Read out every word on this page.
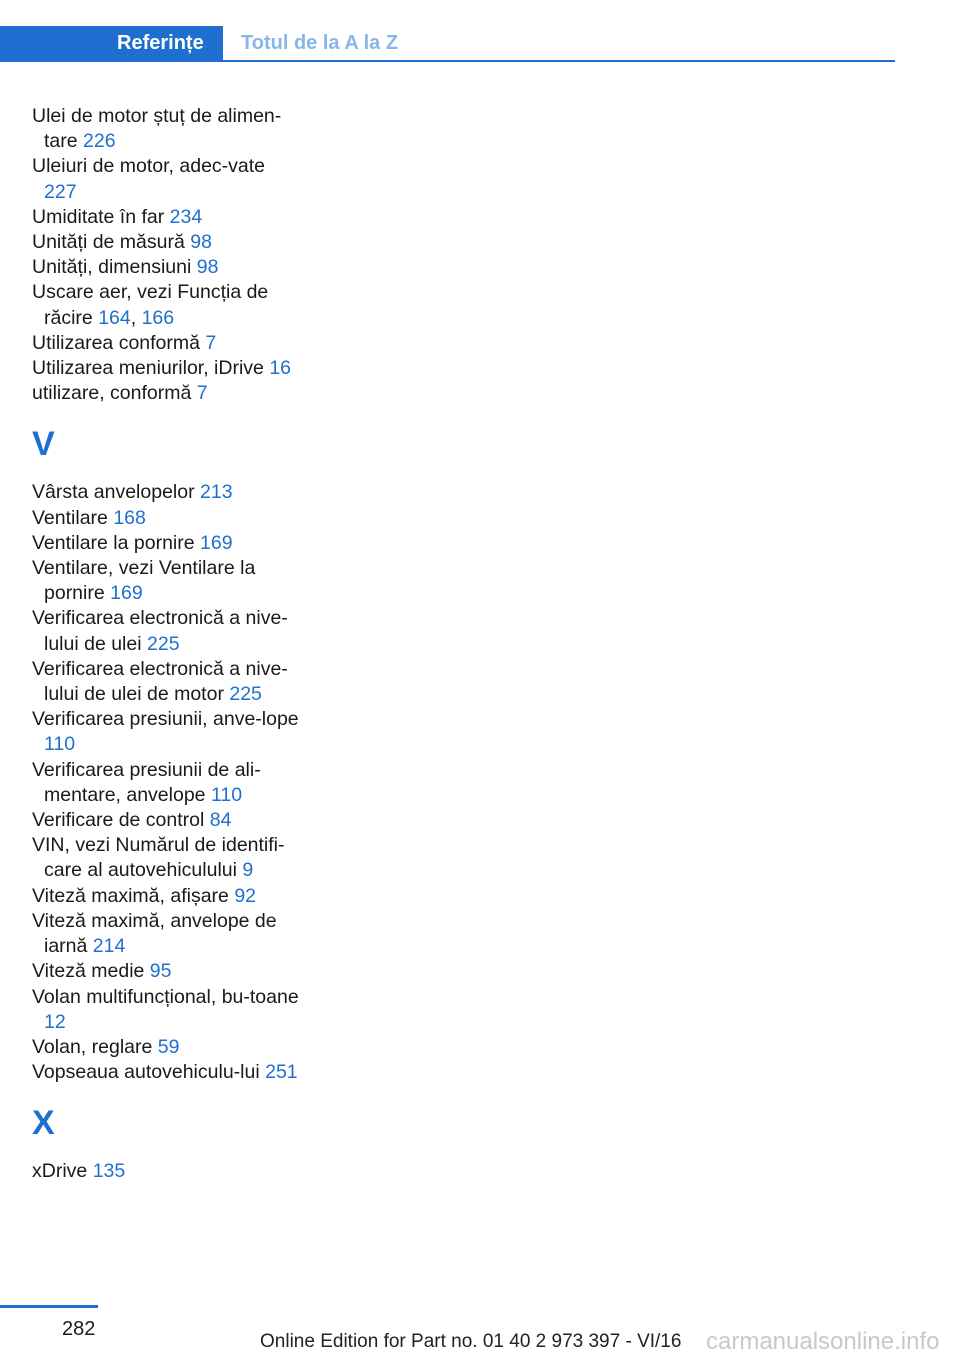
Referințe	Totul de la A la Z
Ulei de motor ștuț de alimen-tare 226
Uleiuri de motor, adec-vate 227
Umiditate în far 234
Unități de măsură 98
Unități, dimensiuni 98
Uscare aer, vezi Funcția de răcire 164, 166
Utilizarea conformă 7
Utilizarea meniurilor, iDrive 16
utilizare, conformă 7
V
Vârsta anvelopelor 213
Ventilare 168
Ventilare la pornire 169
Ventilare, vezi Ventilare la pornire 169
Verificarea electronică a nive-lului de ulei 225
Verificarea electronică a nive-lului de ulei de motor 225
Verificarea presiunii, anve-lope 110
Verificarea presiunii de ali-mentare, anvelope 110
Verificare de control 84
VIN, vezi Numărul de identifi-care al autovehiculului 9
Viteză maximă, afișare 92
Viteză maximă, anvelope de iarnă 214
Viteză medie 95
Volan multifuncțional, bu-toane 12
Volan, reglare 59
Vopseaua autovehiculu-lui 251
X
xDrive 135
282
Online Edition for Part no. 01 40 2 973 397 - VI/16 carmanualsonline.info
